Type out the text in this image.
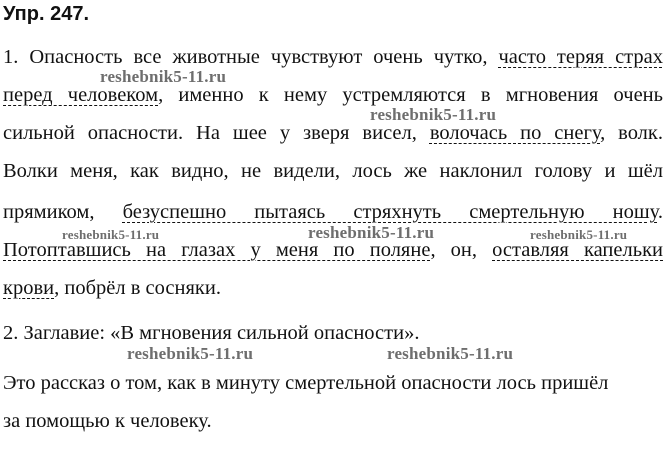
Упр. 247.
1. Опасность все животные чувствуют очень чутко, часто теряя страх
перед человеком, именно к нему устремляются в мгновения очень
сильной опасности. На шее у зверя висел, волочась по снегу, волк.
Волки меня, как видно, не видели, лось же наклонил голову и шёл
прямиком, безуспешно пытаясь стряхнуть смертельную ношу.
Потоптавшись на глазах у меня по поляне, он, оставляя капельки
крови, побрёл в сосняки.
2. Заглавие: «В мгновения сильной опасности».
Это рассказ о том, как в минуту смертельной опасности лось пришёл
за помощью к человеку.
reshebnik5-11.ru
reshebnik5-11.ru
reshebnik5-11.ru	reshebnik5-11.ru	reshebnik5-11.ru
reshebnik5-11.ru	reshebnik5-11.ru
